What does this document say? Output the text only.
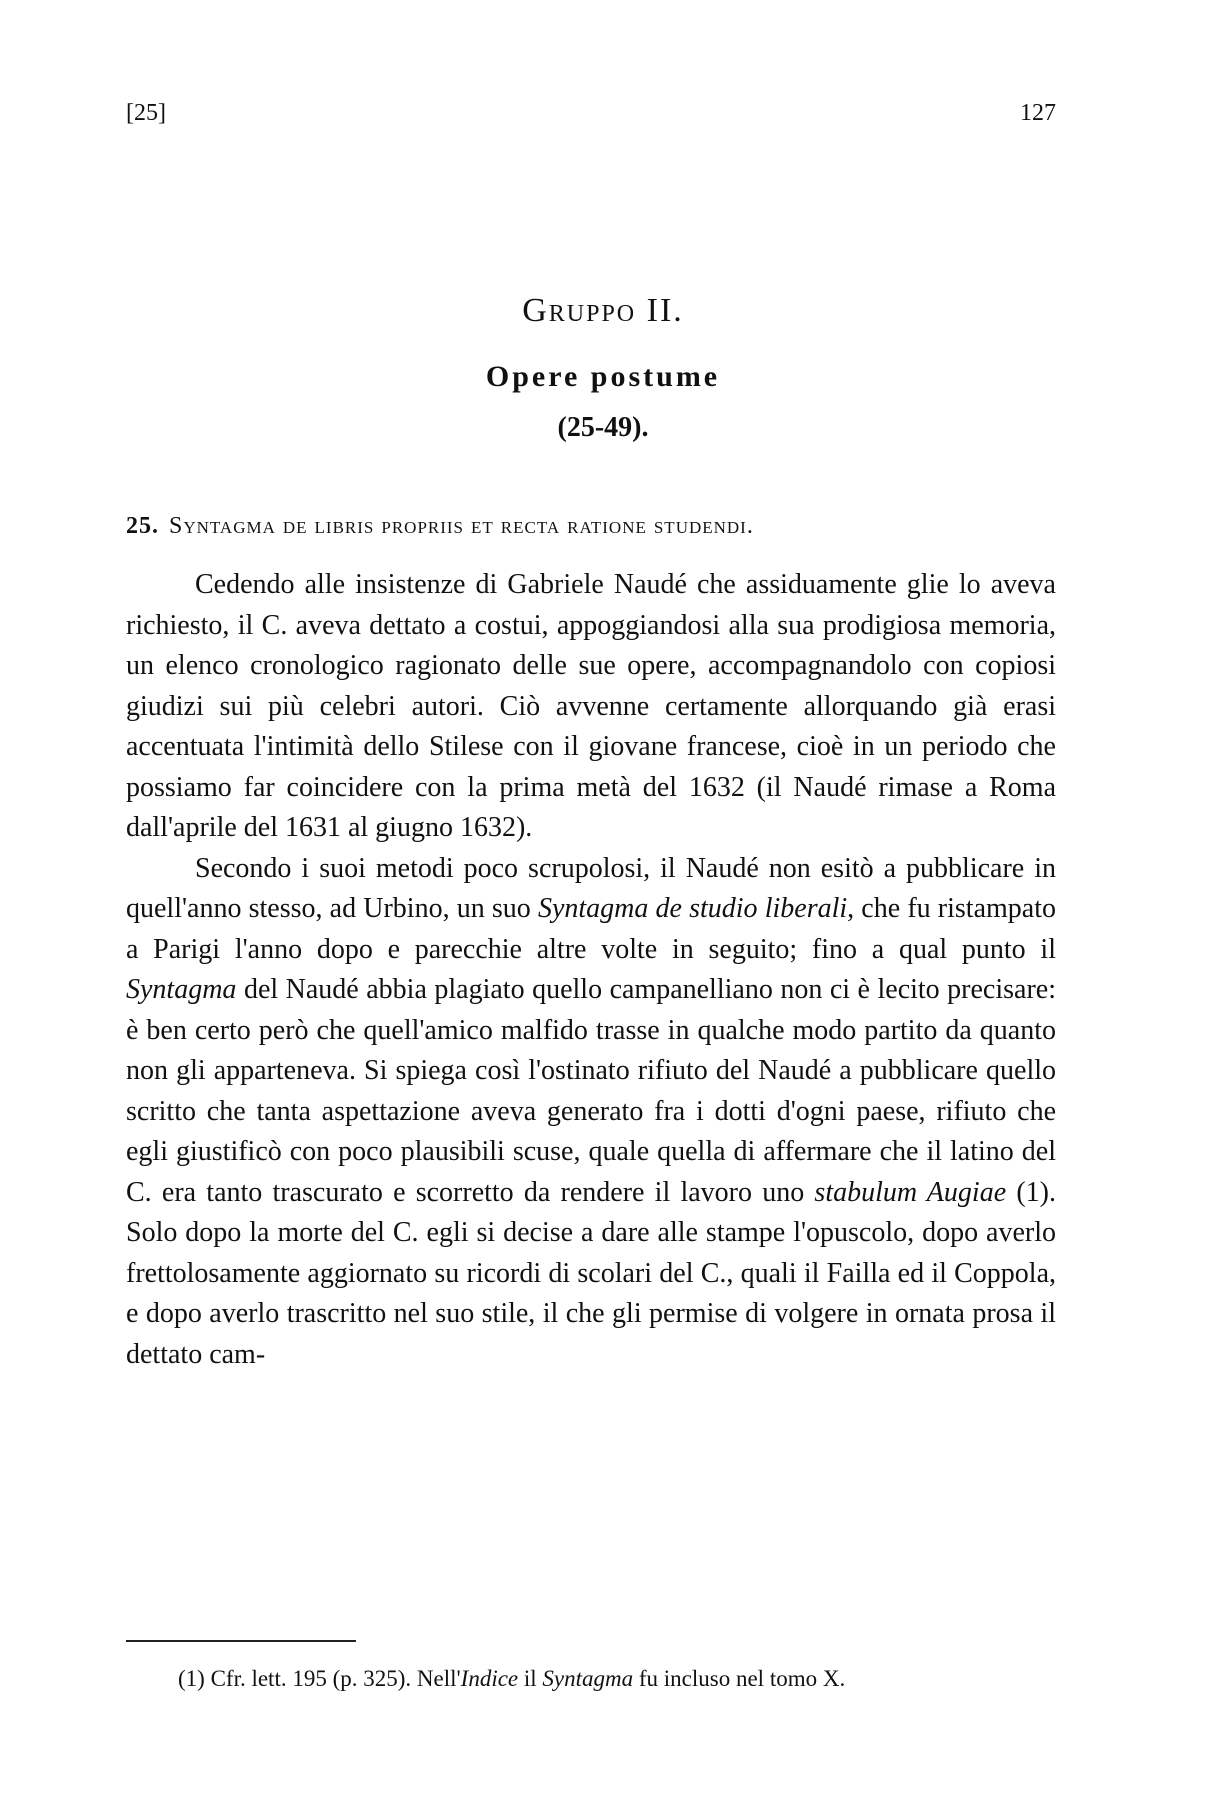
[25]	127
Gruppo II.
Opere postume
(25-49).
25. Syntagma de libris propriis et recta ratione studendi.

Cedendo alle insistenze di Gabriele Naudé che assiduamente glie lo aveva richiesto, il C. aveva dettato a costui, appoggiandosi alla sua prodigiosa memoria, un elenco cronologico ragionato delle sue opere, accompagnandolo con copiosi giudizi sui più celebri autori. Ciò avvenne certamente allorquando già erasi accentuata l'intimità dello Stilese con il giovane francese, cioè in un periodo che possiamo far coincidere con la prima metà del 1632 (il Naudé rimase a Roma dall'aprile del 1631 al giugno 1632).

Secondo i suoi metodi poco scrupolosi, il Naudé non esitò a pubblicare in quell'anno stesso, ad Urbino, un suo Syntagma de studio liberali, che fu ristampato a Parigi l'anno dopo e parecchie altre volte in seguito; fino a qual punto il Syntagma del Naudé abbia plagiato quello campanelliano non ci è lecito precisare: è ben certo però che quell'amico malfido trasse in qualche modo partito da quanto non gli apparteneva. Si spiega così l'ostinato rifiuto del Naudé a pubblicare quello scritto che tanta aspettazione aveva generato fra i dotti d'ogni paese, rifiuto che egli giustificò con poco plausibili scuse, quale quella di affermare che il latino del C. era tanto trascurato e scorretto da rendere il lavoro uno stabulum Augiae (1). Solo dopo la morte del C. egli si decise a dare alle stampe l'opuscolo, dopo averlo frettolosamente aggiornato su ricordi di scolari del C., quali il Failla ed il Coppola, e dopo averlo trascritto nel suo stile, il che gli permise di volgere in ornata prosa il dettato cam-

(1) Cfr. lett. 195 (p. 325). Nell'Indice il Syntagma fu incluso nel tomo X.
